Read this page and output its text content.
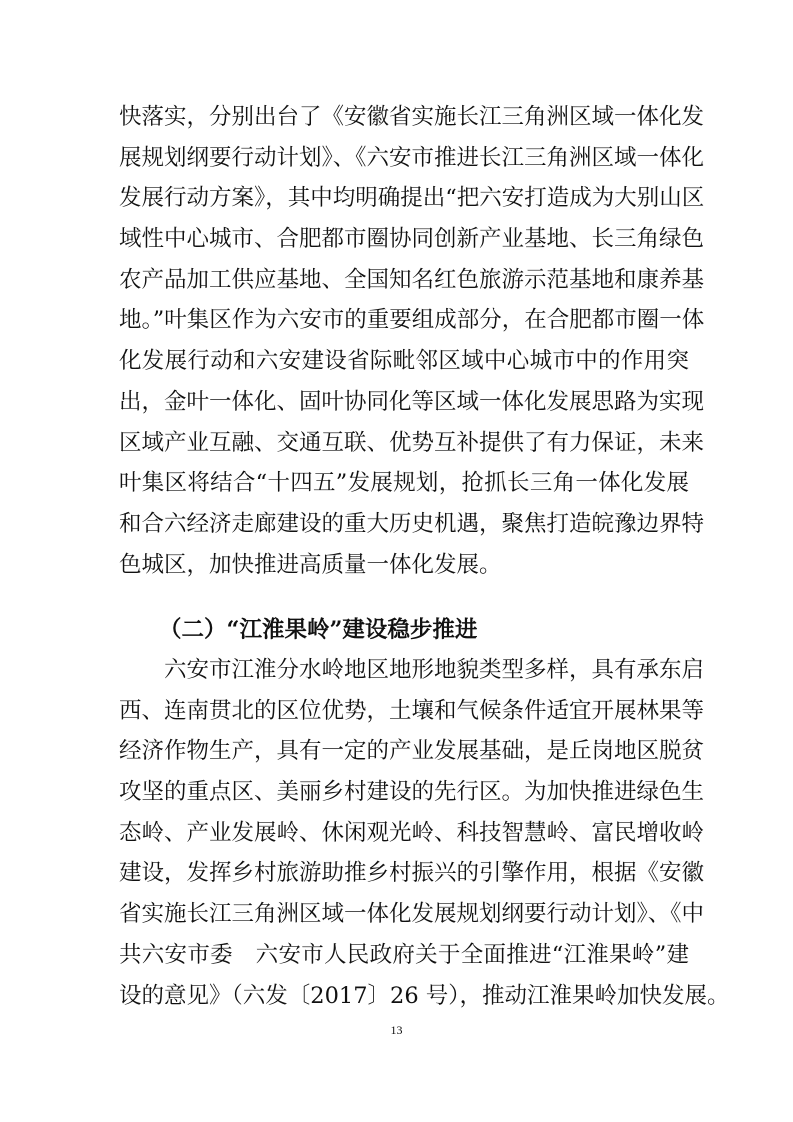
快落实，分别出台了《安徽省实施长江三角洲区域一体化发
展规划纲要行动计划》、《六安市推进长江三角洲区域一体化
发展行动方案》，其中均明确提出“把六安打造成为大别山区
域性中心城市、合肥都市圈协同创新产业基地、长三角绿色
农产品加工供应基地、全国知名红色旅游示范基地和康养基
地。”叶集区作为六安市的重要组成部分，在合肥都市圈一体
化发展行动和六安建设省际毗邻区域中心城市中的作用突
出，金叶一体化、固叶协同化等区域一体化发展思路为实现
区域产业互融、交通互联、优势互补提供了有力保证，未来
叶集区将结合“十四五”发展规划，抢抓长三角一体化发展
和合六经济走廊建设的重大历史机遇，聚焦打造皖豫边界特
色城区，加快推进高质量一体化发展。
（二）“江淮果岭”建设稳步推进
六安市江淮分水岭地区地形地貌类型多样，具有承东启
西、连南贯北的区位优势，土壤和气候条件适宜开展林果等
经济作物生产，具有一定的产业发展基础，是丘岗地区脱贫
攻坚的重点区、美丽乡村建设的先行区。为加快推进绿色生
态岭、产业发展岭、休闲观光岭、科技智慧岭、富民增收岭
建设，发挥乡村旅游助推乡村振兴的引擎作用，根据《安徽
省实施长江三角洲区域一体化发展规划纲要行动计划》、《中
共六安市委　六安市人民政府关于全面推进“江淮果岭”建
设的意见》（六发〔2017〕26 号），推动江淮果岭加快发展。
13
